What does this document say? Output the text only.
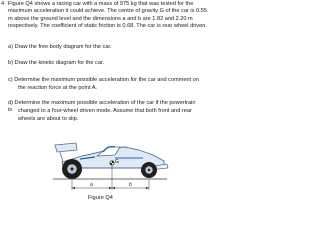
4 Figure Q4 shows a racing car with a mass of 975 kg that was tested for the
maximum acceleration it could achieve. The centre of gravity G of the car is 0.55
m above the ground level and the dimensions a and b are 1.82 and 2.20 m
respectively. The coefficient of static friction is 0.68. The car is rear wheel driven.
a) Draw the free body diagram for the car.
b) Draw the kinetic diagram for the car.
c) Determine the maximum possible acceleration for the car and comment on
the reaction force at the point A.
d) Determine the maximum possible acceleration of the car if the powertrain is	changed to a four-wheel driven mode. Assume that both front and rear
wheels are about to slip.
G
a	b
A	B
Figure Q4
